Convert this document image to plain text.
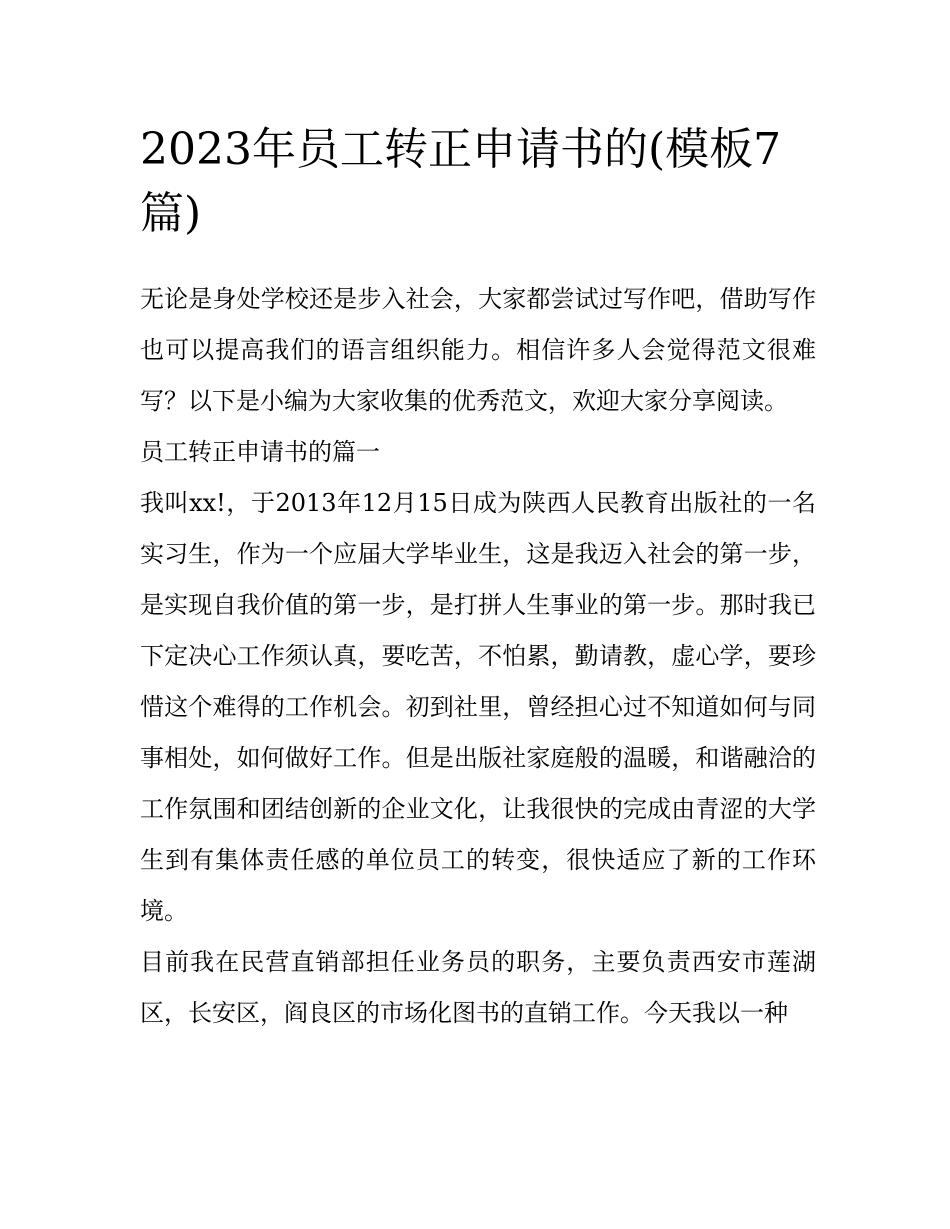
2023年员工转正申请书的(模板7篇)

无论是身处学校还是步入社会，大家都尝试过写作吧，借助写作也可以提高我们的语言组织能力。相信许多人会觉得范文很难写？以下是小编为大家收集的优秀范文，欢迎大家分享阅读。

员工转正申请书的篇一

我叫xx!，于2013年12月15日成为陕西人民教育出版社的一名实习生，作为一个应届大学毕业生，这是我迈入社会的第一步，是实现自我价值的第一步，是打拼人生事业的第一步。那时我已下定决心工作须认真，要吃苦，不怕累，勤请教，虚心学，要珍惜这个难得的工作机会。初到社里，曾经担心过不知道如何与同事相处，如何做好工作。但是出版社家庭般的温暖，和谐融洽的工作氛围和团结创新的企业文化，让我很快的完成由青涩的大学生到有集体责任感的单位员工的转变，很快适应了新的工作环境。

目前我在民营直销部担任业务员的职务，主要负责西安市莲湖区，长安区，阎良区的市场化图书的直销工作。今天我以一种
